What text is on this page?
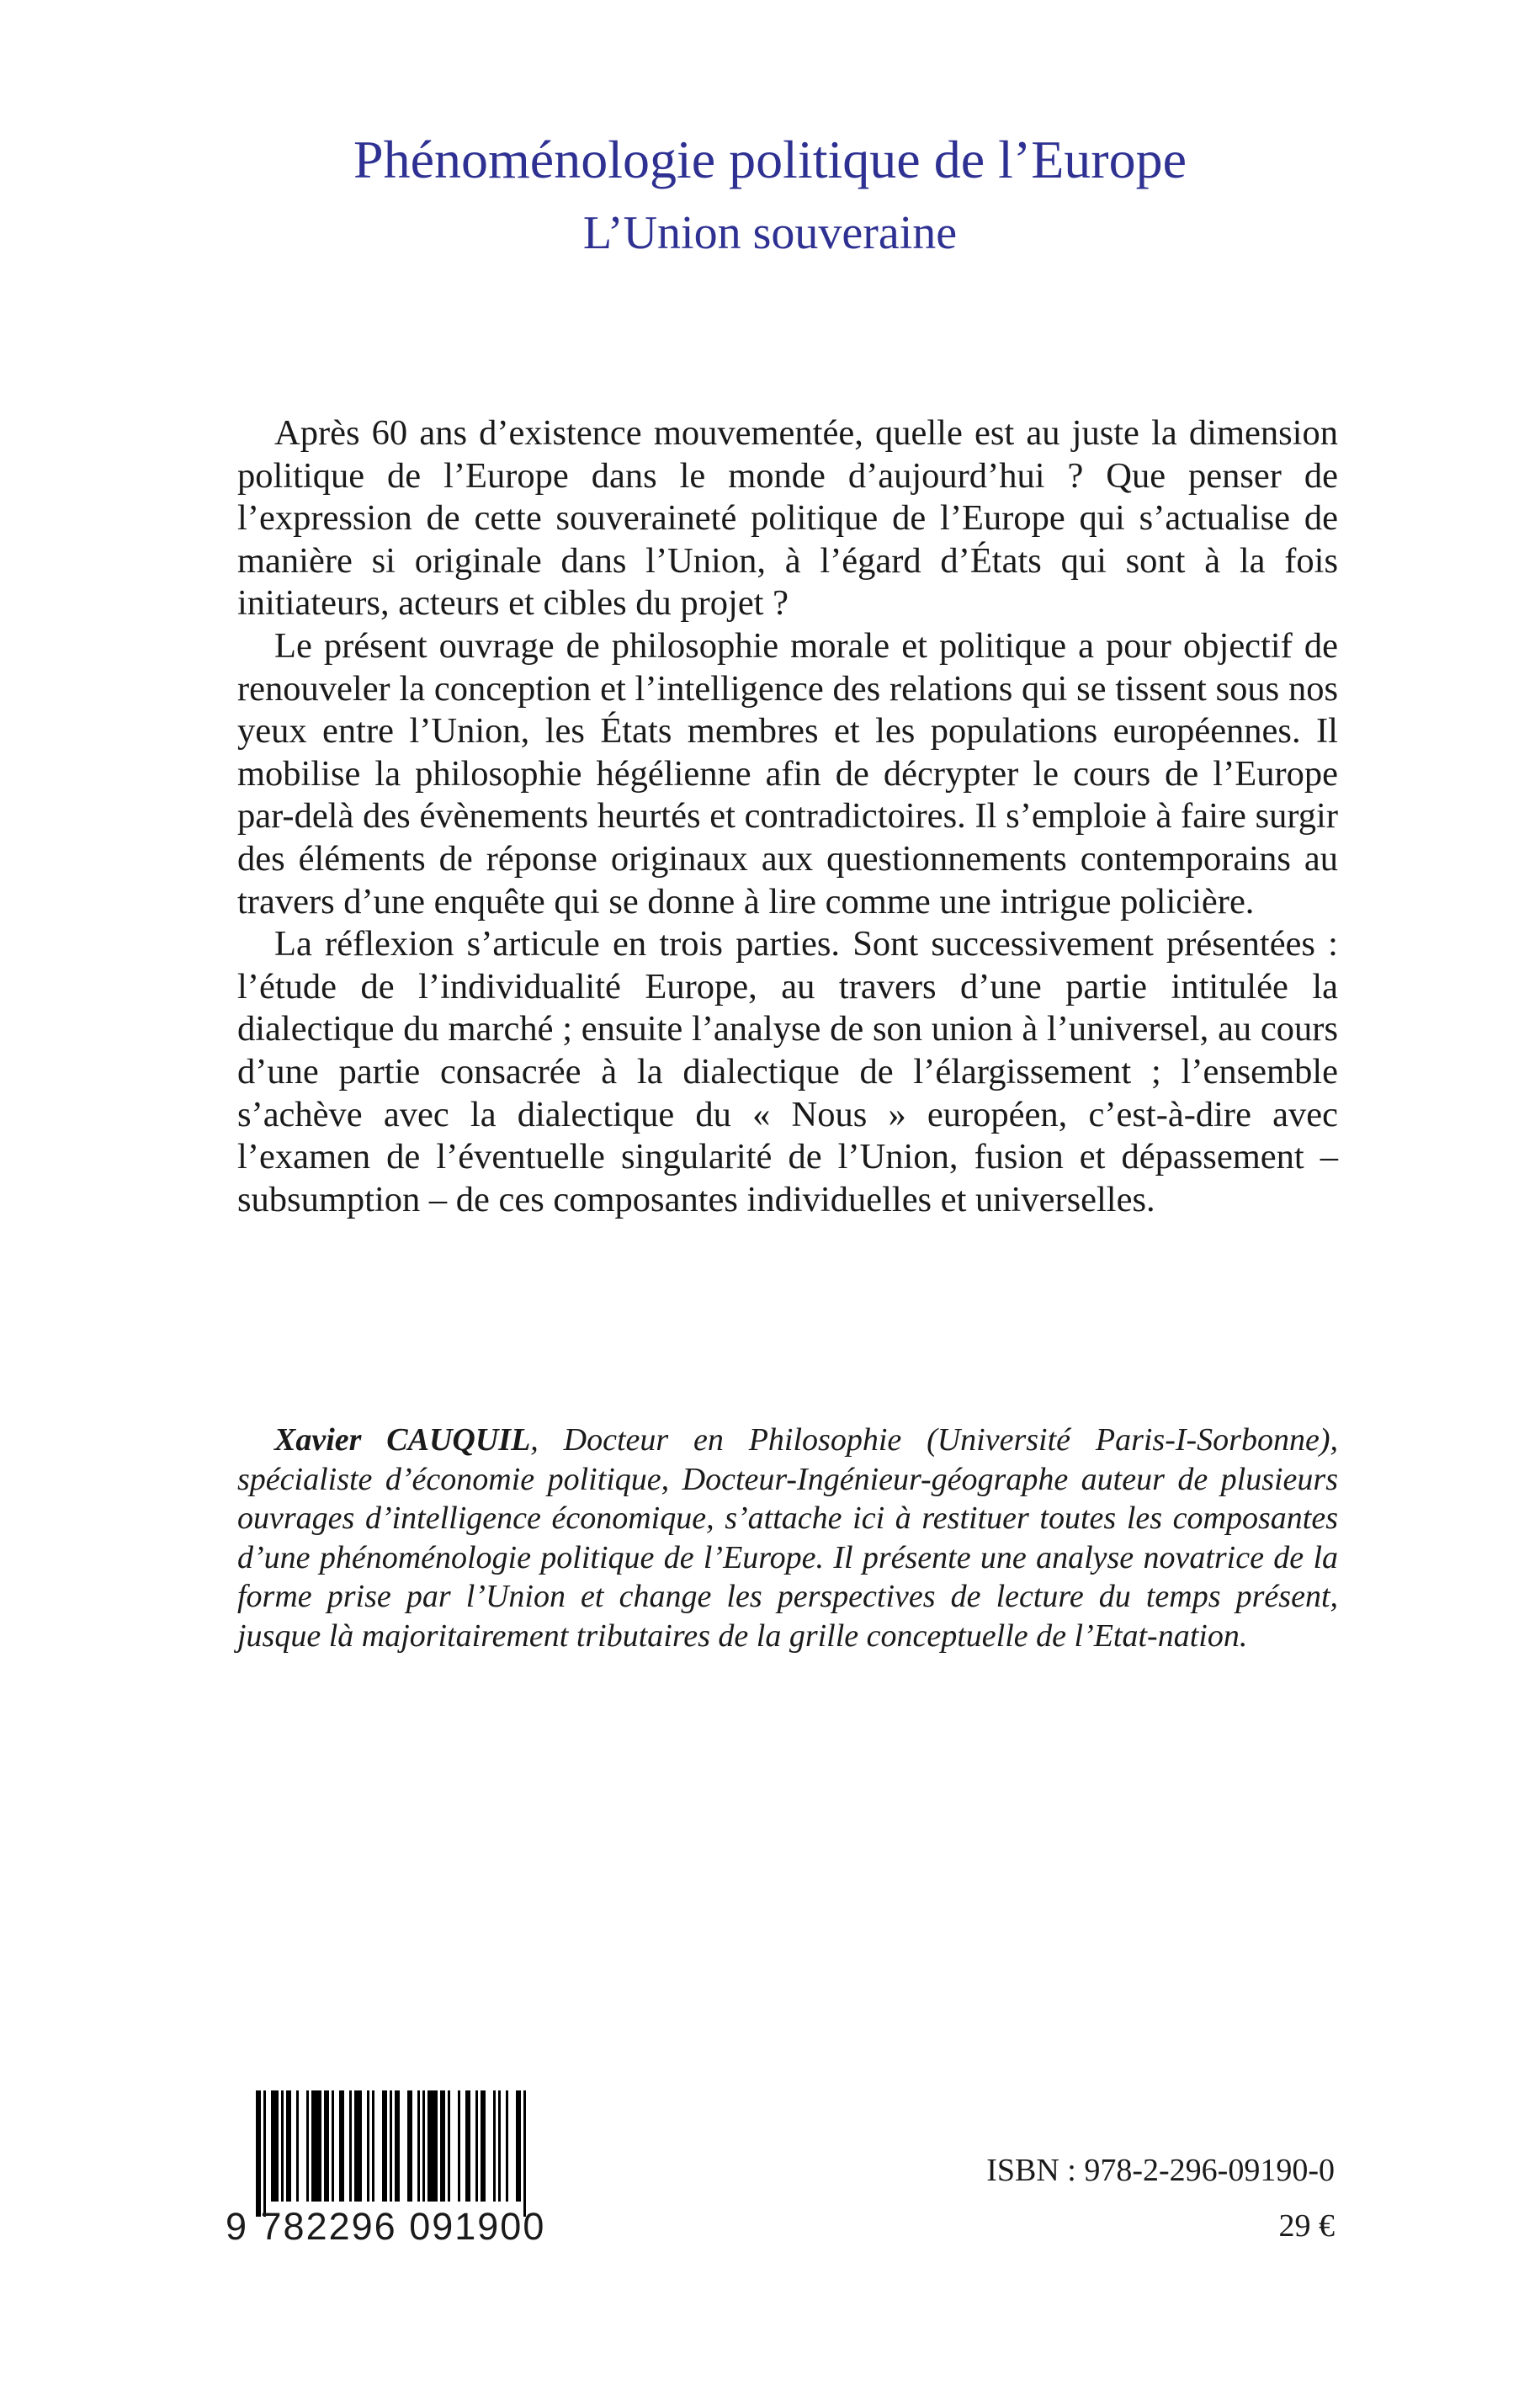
Phénoménologie politique de l’Europe
L’Union souveraine

Après 60 ans d’existence mouvementée, quelle est au juste la dimension politique de l’Europe dans le monde d’aujourd’hui ? Que penser de l’expression de cette souveraineté politique de l’Europe qui s’actualise de manière si originale dans l’Union, à l’égard d’États qui sont à la fois initiateurs, acteurs et cibles du projet ?

Le présent ouvrage de philosophie morale et politique a pour objectif de renouveler la conception et l’intelligence des relations qui se tissent sous nos yeux entre l’Union, les États membres et les populations européennes. Il mobilise la philosophie hégélienne afin de décrypter le cours de l’Europe par-delà des évènements heurtés et contradictoires. Il s’emploie à faire surgir des éléments de réponse originaux aux questionnements contemporains au travers d’une enquête qui se donne à lire comme une intrigue policière.

La réflexion s’articule en trois parties. Sont successivement présentées : l’étude de l’individualité Europe, au travers d’une partie intitulée la dialectique du marché ; ensuite l’analyse de son union à l’universel, au cours d’une partie consacrée à la dialectique de l’élargissement ; l’ensemble s’achève avec la dialectique du « Nous » européen, c’est-à-dire avec l’examen de l’éventuelle singularité de l’Union, fusion et dépassement – subsumption – de ces composantes individuelles et universelles.

Xavier CAUQUIL, Docteur en Philosophie (Université Paris-I-Sorbonne), spécialiste d’économie politique, Docteur-Ingénieur-géographe auteur de plusieurs ouvrages d’intelligence économique, s’attache ici à restituer toutes les composantes d’une phénoménologie politique de l’Europe. Il présente une analyse novatrice de la forme prise par l’Union et change les perspectives de lecture du temps présent, jusque là majoritairement tributaires de la grille conceptuelle de l’Etat-nation.

9 782296 091900
ISBN : 978-2-296-09190-0
29 €
